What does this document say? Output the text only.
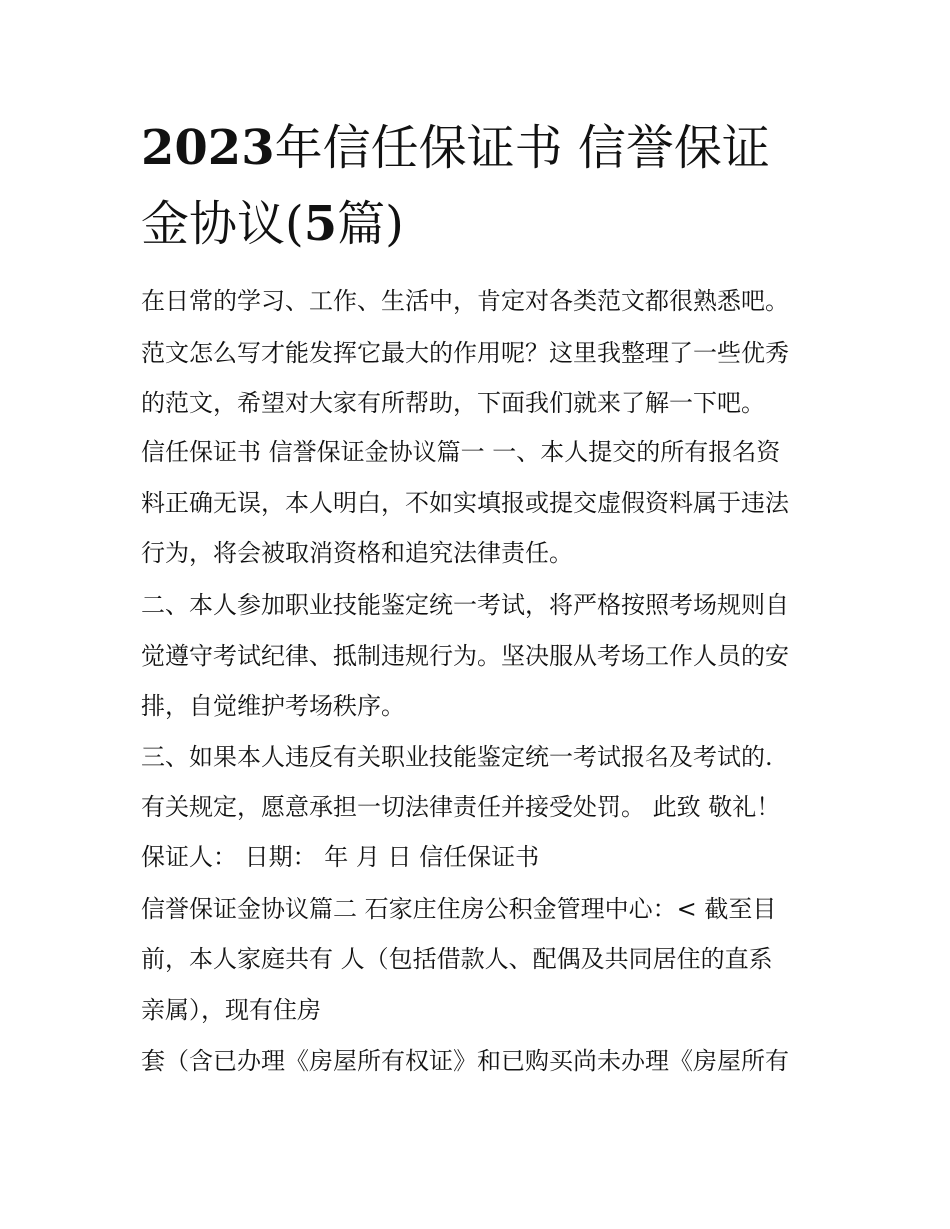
2023年信任保证书 信誉保证
金协议(5篇)

在日常的学习、工作、生活中，肯定对各类范文都很熟悉吧。

范文怎么写才能发挥它最大的作用呢？这里我整理了一些优秀

的范文，希望对大家有所帮助，下面我们就来了解一下吧。

信任保证书 信誉保证金协议篇一 一、本人提交的所有报名资

料正确无误，本人明白，不如实填报或提交虚假资料属于违法

行为，将会被取消资格和追究法律责任。

二、本人参加职业技能鉴定统一考试，将严格按照考场规则自

觉遵守考试纪律、抵制违规行为。坚决服从考场工作人员的安

排，自觉维护考场秩序。

三、如果本人违反有关职业技能鉴定统一考试报名及考试的.

有关规定，愿意承担一切法律责任并接受处罚。 此致 敬礼！

保证人： 日期： 年 月 日 信任保证书

信誉保证金协议篇二 石家庄住房公积金管理中心：< 截至目

前，本人家庭共有 人（包括借款人、配偶及共同居住的直系

亲属），现有住房

套（含已办理《房屋所有权证》和已购买尚未办理《房屋所有
